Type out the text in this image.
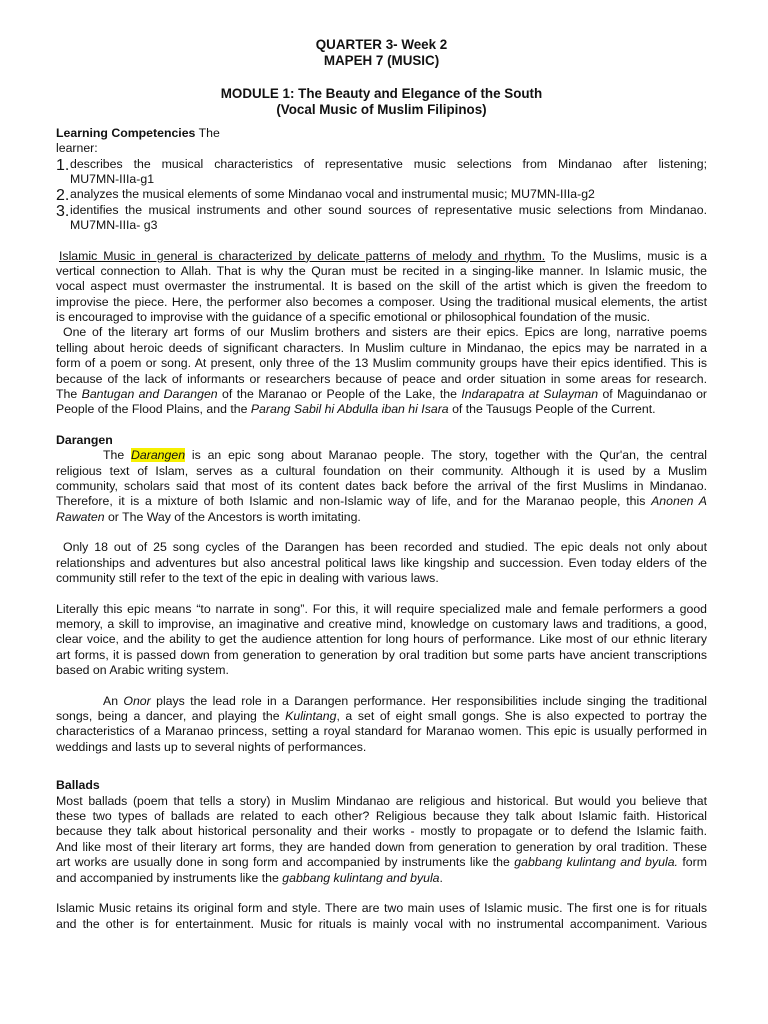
QUARTER 3- Week 2
MAPEH 7 (MUSIC)
MODULE 1: The Beauty and Elegance of the South
(Vocal Music of Muslim Filipinos)
Learning Competencies The
learner:
1. describes the musical characteristics of representative music selections from Mindanao after listening;
MU7MN-IIIa-g1
2. analyzes the musical elements of some Mindanao vocal and instrumental music; MU7MN-IIIa-g2
3. identifies the musical instruments and other sound sources of representative music selections from Mindanao.
MU7MN-IIIa- g3
Islamic Music in general is characterized by delicate patterns of melody and rhythm. To the Muslims, music is a
vertical connection to Allah. That is why the Quran must be recited in a singing-like manner. In Islamic music, the
vocal aspect must overmaster the instrumental. It is based on the skill of the artist which is given the freedom to
improvise the piece. Here, the performer also becomes a composer. Using the traditional musical elements, the artist
is encouraged to improvise with the guidance of a specific emotional or philosophical foundation of the music.
One of the literary art forms of our Muslim brothers and sisters are their epics. Epics are long, narrative poems
telling about heroic deeds of significant characters. In Muslim culture in Mindanao, the epics may be narrated in a
form of a poem or song. At present, only three of the 13 Muslim community groups have their epics identified. This is
because of the lack of informants or researchers because of peace and order situation in some areas for research.
The Bantugan and Darangen of the Maranao or People of the Lake, the Indarapatra at Sulayman of Maguindanao or
People of the Flood Plains, and the Parang Sabil hi Abdulla iban hi Isara of the Tausugs People of the Current.
Darangen
The Darangen is an epic song about Maranao people. The story, together with the Qur'an, the central
religious text of Islam, serves as a cultural foundation on their community. Although it is used by a Muslim
community, scholars said that most of its content dates back before the arrival of the first Muslims in Mindanao.
Therefore, it is a mixture of both Islamic and non-Islamic way of life, and for the Maranao people, this Anonen A
Rawaten or The Way of the Ancestors is worth imitating.
Only 18 out of 25 song cycles of the Darangen has been recorded and studied. The epic deals not only about
relationships and adventures but also ancestral political laws like kingship and succession. Even today elders of the
community still refer to the text of the epic in dealing with various laws.
Literally this epic means “to narrate in song”. For this, it will require specialized male and female performers a good
memory, a skill to improvise, an imaginative and creative mind, knowledge on customary laws and traditions, a good,
clear voice, and the ability to get the audience attention for long hours of performance. Like most of our ethnic literary
art forms, it is passed down from generation to generation by oral tradition but some parts have ancient transcriptions
based on Arabic writing system.
An Onor plays the lead role in a Darangen performance. Her responsibilities include singing the traditional
songs, being a dancer, and playing the Kulintang, a set of eight small gongs. She is also expected to portray the
characteristics of a Maranao princess, setting a royal standard for Maranao women. This epic is usually performed in
weddings and lasts up to several nights of performances.
Ballads
Most ballads (poem that tells a story) in Muslim Mindanao are religious and historical. But would you believe that
these two types of ballads are related to each other? Religious because they talk about Islamic faith. Historical
because they talk about historical personality and their works - mostly to propagate or to defend the Islamic faith.
And like most of their literary art forms, they are handed down from generation to generation by oral tradition. These
art works are usually done in song form and accompanied by instruments like the gabbang kulintang and byula. form
and accompanied by instruments like the gabbang kulintang and byula.
Islamic Music retains its original form and style. There are two main uses of Islamic music. The first one is for rituals
and the other is for entertainment. Music for rituals is mainly vocal with no instrumental accompaniment. Various
